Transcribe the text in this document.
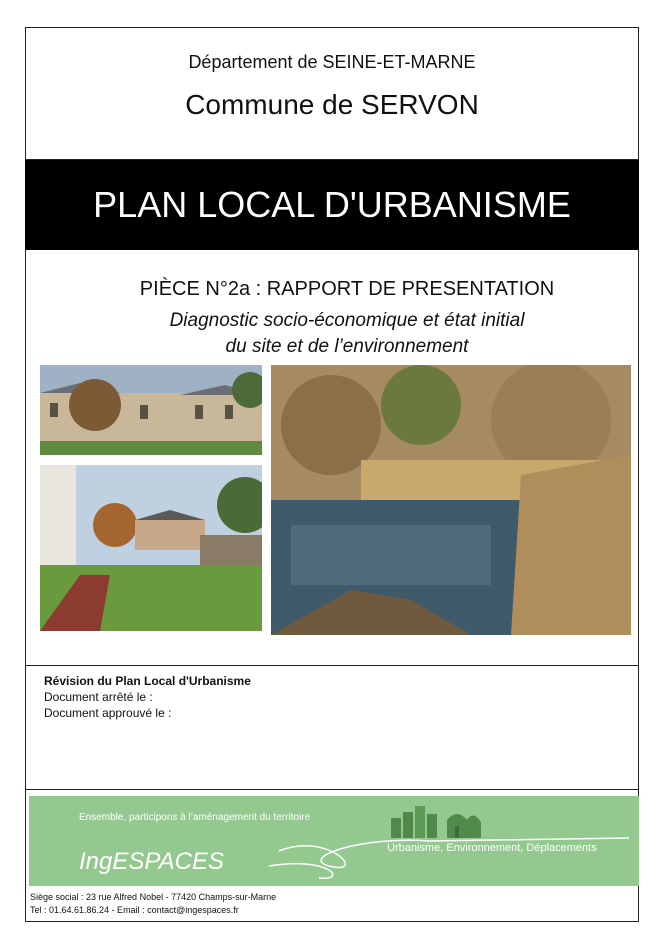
Département de SEINE-ET-MARNE
Commune de SERVON
PLAN LOCAL D'URBANISME
PIÈCE N°2a : RAPPORT DE PRESENTATION
Diagnostic socio-économique et état initial
du site et de l’environnement
Révision du Plan Local d'Urbanisme
Document arrêté le :
Document approuvé le :
Ensemble, participons à l’aménagement du territoire
IngESPACES	Urbanisme, Environnement, Déplacements
Siège social : 23 rue Alfred Nobel - 77420 Champs-sur-Marne
Tel : 01.64.61.86.24 - Email : contact@ingespaces.fr
